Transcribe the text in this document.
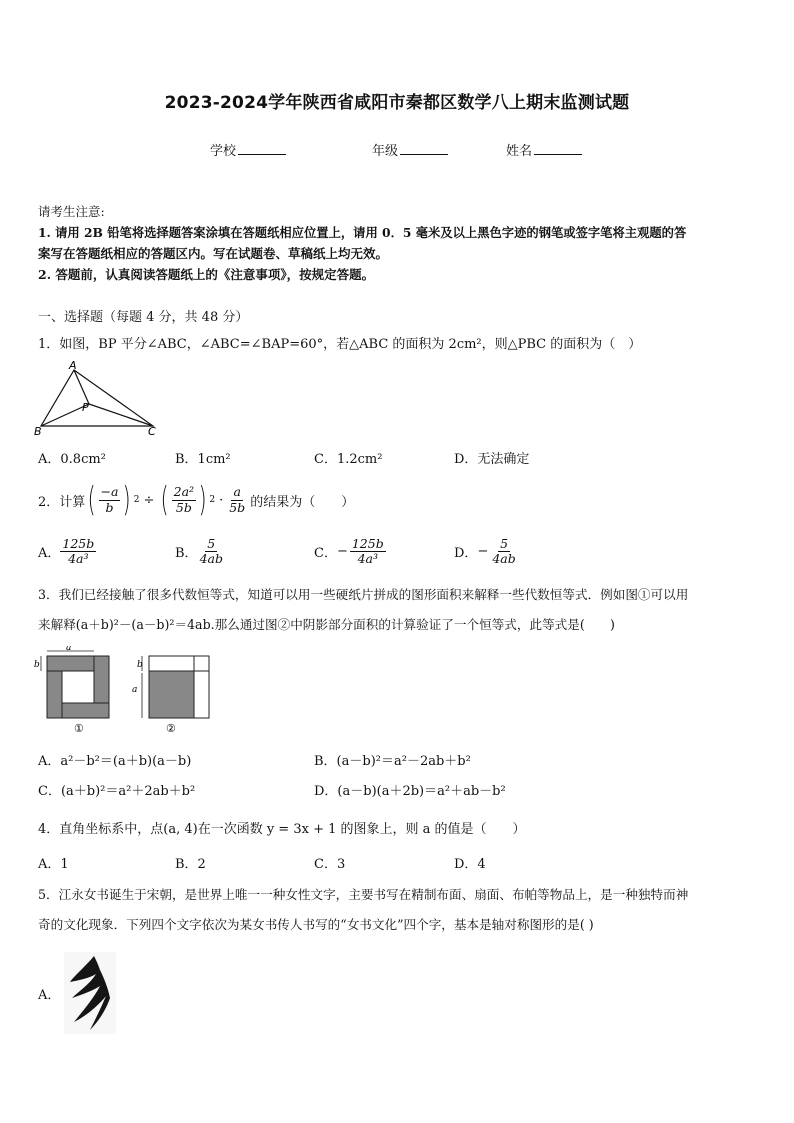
2023-2024学年陕西省咸阳市秦都区数学八上期末监测试题
学校	年级	姓名
请考生注意:
1. 请用 2B 铅笔将选择题答案涂填在答题纸相应位置上，请用 0．5 毫米及以上黑色字迹的钢笔或签字笔将主观题的答
案写在答题纸相应的答题区内。写在试题卷、草稿纸上均无效。
2. 答题前，认真阅读答题纸上的《注意事项》，按规定答题。
一、选择题（每题 4 分，共 48 分）
1．如图，BP 平分∠ABC，∠ABC=∠BAP=60°，若△ABC 的面积为 2cm²，则△PBC 的面积为（　）
A
B	C
P
A．0.8cm²	B．1cm²	C．1.2cm²	D．无法确定
2．计算 ( $\frac{-a}{b}$ ) 2 ÷ ( $\frac{\text{2a²}}{5b}$ ) $2 \cdot \frac{a}{5b}$ 的结果为（　　）
A． $\frac{125b}{\text{4a³}}$	B． $\frac{5}{4ab}$	C． − $\frac{125b}{\text{4a³}}$	D． − $\frac{5}{4ab}$
3．我们已经接触了很多代数恒等式，知道可以用一些硬纸片拼成的图形面积来解释一些代数恒等式．例如图①可以用
来解释(a＋b)²－(a－b)²＝4ab.那么通过图②中阴影部分面积的计算验证了一个恒等式，此等式是(　　)
a
b
①
b
a
②
A．a²－b²＝(a＋b)(a－b)	B．(a－b)²＝a²－2ab＋b²
C．(a＋b)²＝a²＋2ab＋b²	D．(a－b)(a＋2b)＝a²＋ab－b²
4．直角坐标系中，点(a, 4)在一次函数 y = 3x + 1 的图象上，则 a 的值是（　　）
A．1	B．2	C．3	D．4
5．江永女书诞生于宋朝，是世界上唯一一种女性文字，主要书写在精制布面、扇面、布帕等物品上，是一种独特而神
奇的文化现象．下列四个文字依次为某女书传人书写的“女书文化”四个字，基本是轴对称图形的是( )
A．
